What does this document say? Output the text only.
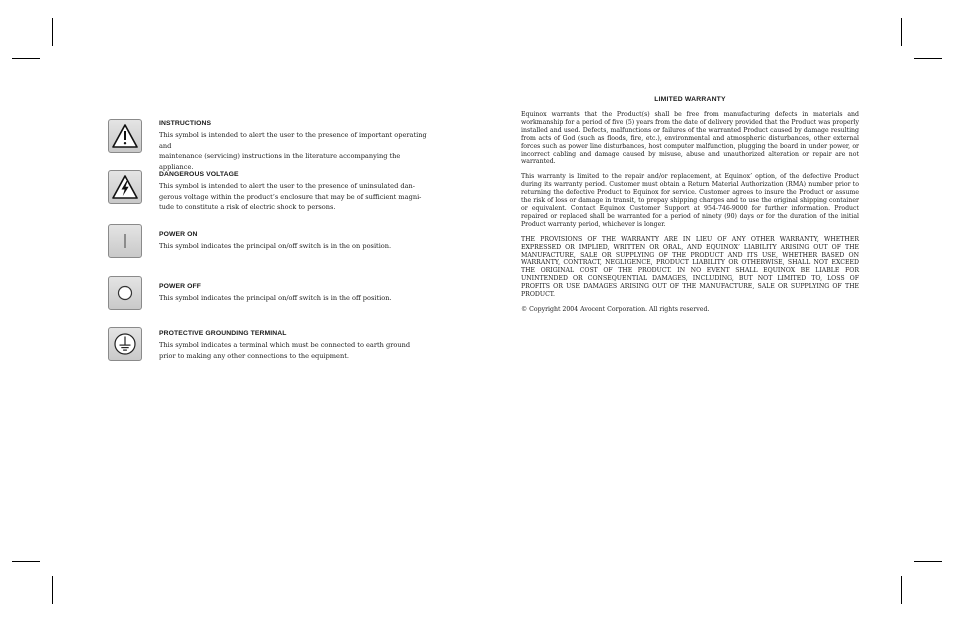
INSTRUCTIONS

This symbol is intended to alert the user to the presence of important operating and
maintenance (servicing) instructions in the literature accompanying the appliance.

DANGEROUS VOLTAGE

This symbol is intended to alert the user to the presence of uninsulated dan-
gerous voltage within the product’s enclosure that may be of sufficient magni-
tude to constitute a risk of electric shock to persons.

POWER ON

This symbol indicates the principal on/off switch is in the on position.

POWER OFF

This symbol indicates the principal on/off switch is in the off position.

PROTECTIVE GROUNDING TERMINAL

This symbol indicates a terminal which must be connected to earth ground
prior to making any other connections to the equipment.

LIMITED WARRANTY

Equinox warrants that the Product(s) shall be free from manufacturing defects in materials and workmanship for a period of five (5) years from the date of delivery provided that the Product was properly installed and used. Defects, malfunctions or failures of the warranted Product caused by damage resulting from acts of God (such as floods, fire, etc.), environmental and atmospheric disturbances, other external forces such as power line disturbances, host computer malfunction, plugging the board in under power, or incorrect cabling and damage caused by misuse, abuse and unauthorized alteration or repair are not warranted.

This warranty is limited to the repair and/or replacement, at Equinox’ option, of the defective Product during its warranty period. Customer must obtain a Return Material Authorization (RMA) number prior to returning the defective Product to Equinox for service. Customer agrees to insure the Product or assume the risk of loss or damage in transit, to prepay shipping charges and to use the original shipping container or equivalent. Contact Equinox Customer Support at 954-746-9000 for further information. Product repaired or replaced shall be warranted for a period of ninety (90) days or for the duration of the initial Product warranty period, whichever is longer.

THE PROVISIONS OF THE WARRANTY ARE IN LIEU OF ANY OTHER WARRANTY, WHETHER EXPRESSED OR IMPLIED, WRITTEN OR ORAL, AND EQUINOX’ LIABILITY ARISING OUT OF THE MANUFACTURE, SALE OR SUPPLYING OF THE PRODUCT AND ITS USE, WHETHER BASED ON WARRANTY, CONTRACT, NEGLIGENCE, PRODUCT LIABILITY OR OTHERWISE, SHALL NOT EXCEED THE ORIGINAL COST OF THE PRODUCT. IN NO EVENT SHALL EQUINOX BE LIABLE FOR UNINTENDED OR CONSEQUENTIAL DAMAGES, INCLUDING, BUT NOT LIMITED TO, LOSS OF PROFITS OR USE DAMAGES ARISING OUT OF THE MANUFACTURE, SALE OR SUPPLYING OF THE PRODUCT.

© Copyright 2004 Avocent Corporation. All rights reserved.
